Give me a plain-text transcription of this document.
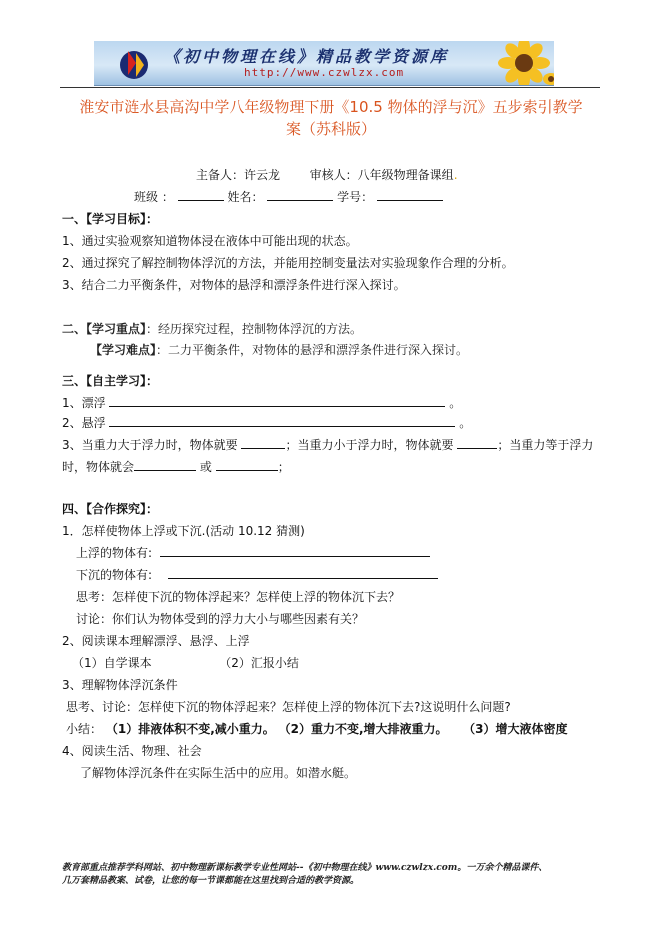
《初中物理在线》精品教学资源库
http://www.czwlzx.com
淮安市涟水县高沟中学八年级物理下册《10.5 物体的浮与沉》五步索引教学
案（苏科版）
主备人：许云龙 审核人：八年级物理备课组.
班级 ：	姓名：	学号：
一、【学习目标】：
1、通过实验观察知道物体浸在液体中可能出现的状态。
2、通过探究了解控制物体浮沉的方法，并能用控制变量法对实验现象作合理的分析。
3、结合二力平衡条件，对物体的悬浮和漂浮条件进行深入探讨。
二、【学习重点】：经历探究过程，控制物体浮沉的方法。
【学习难点】：二力平衡条件，对物体的悬浮和漂浮条件进行深入探讨。
三、【自主学习】：
1、漂浮	。
2、悬浮	。
3、当重力大于浮力时，物体就要	；当重力小于浮力时，物体就要	；当重力等于浮力
时，物体就会	或	；
四、【合作探究】：
1．怎样使物体上浮或下沉.(活动 10.12 猜测)
上浮的物体有:
下沉的物体有:
思考：怎样使下沉的物体浮起来？怎样使上浮的物体沉下去？
讨论：你们认为物体受到的浮力大小与哪些因素有关？
2、阅读课本理解漂浮、悬浮、上浮
（1）自学课本	（2）汇报小结
3、理解物体浮沉条件
思考、讨论：怎样使下沉的物体浮起来？怎样使上浮的物体沉下去?这说明什么问题?
小结： （1）排液体积不变,减小重力。 （2）重力不变,增大排液重力。 （3）增大液体密度
4、阅读生活、物理、社会
了解物体浮沉条件在实际生活中的应用。如潜水艇。
教育部重点推荐学科网站、初中物理新课标教学专业性网站--《初中物理在线》www.czwlzx.com。一万余个精品课件、
几万套精品教案、试卷，让您的每一节课都能在这里找到合适的教学资源。
